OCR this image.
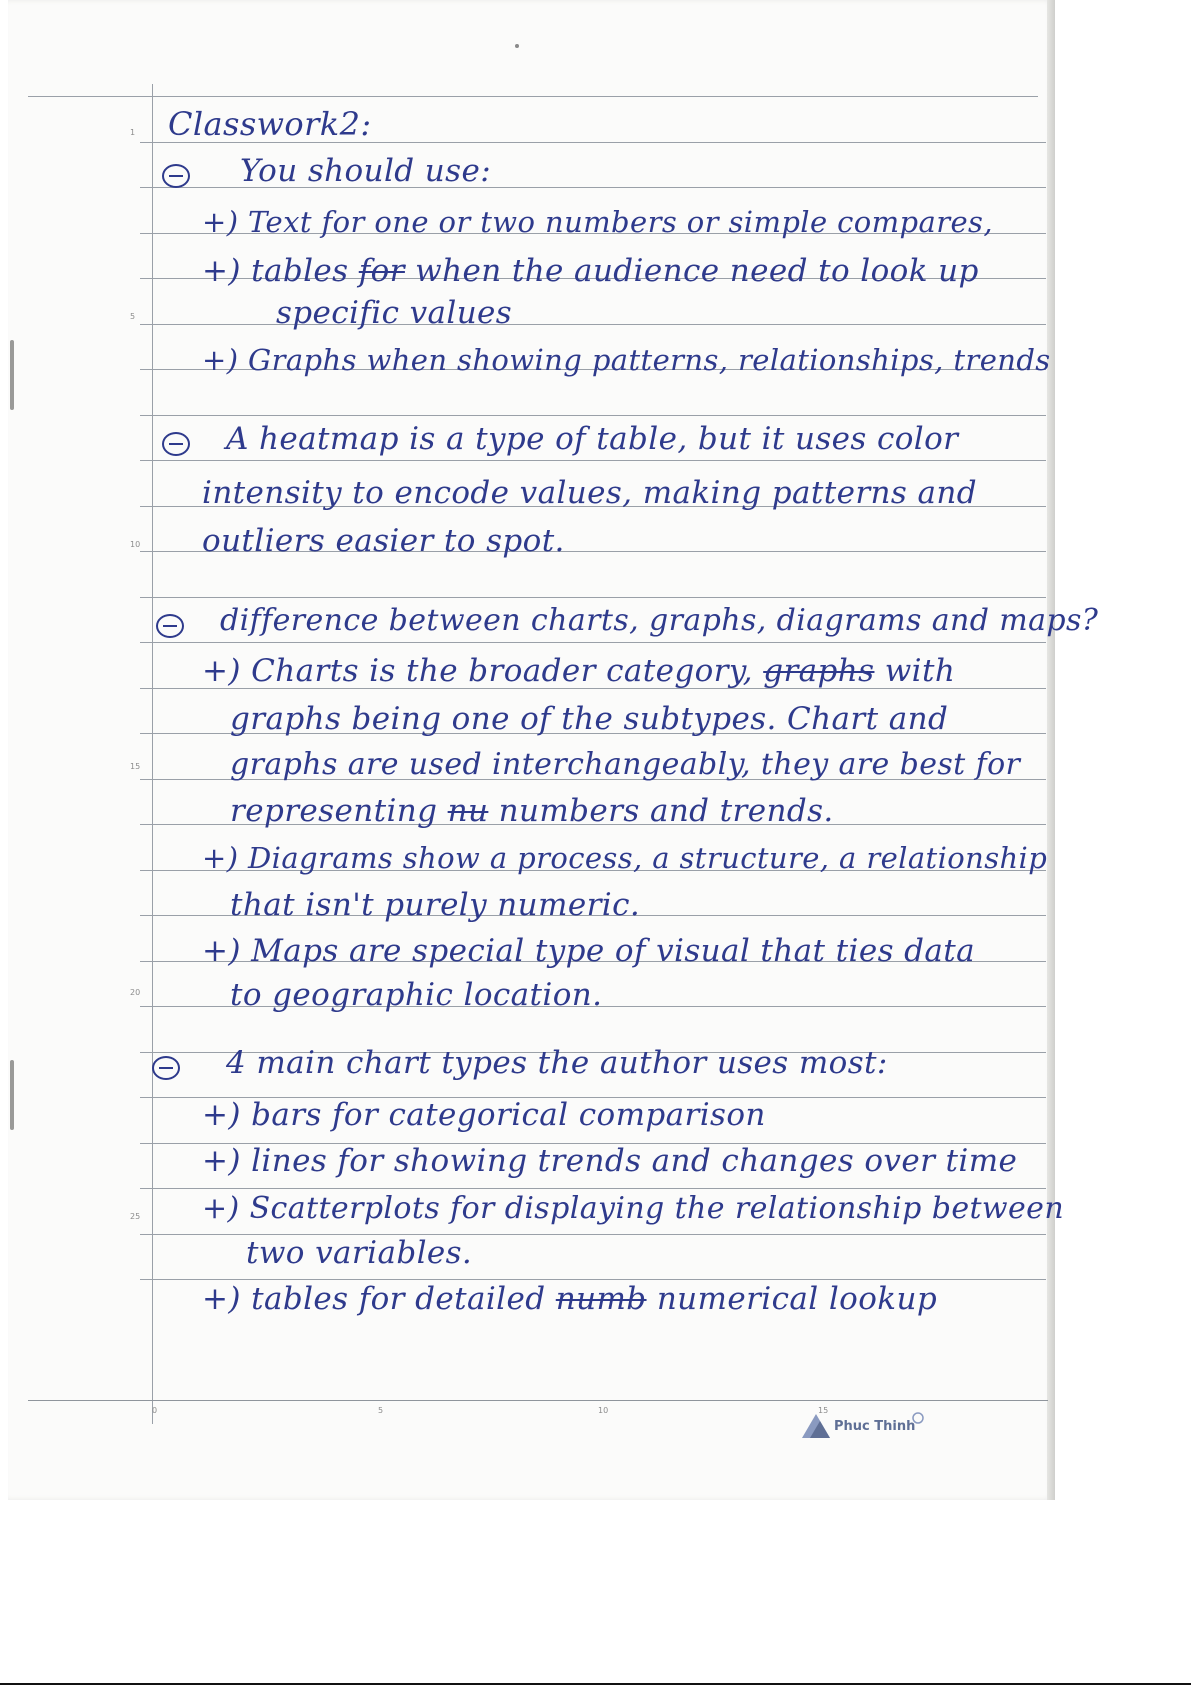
1
5
10
15
20
25
0	5	10	15
Classwork2:
You should use:
+) Text for one or two numbers or simple compares,
+) tables for when the audience need to look up
specific values
+) Graphs when showing patterns, relationships, trends
A heatmap is a type of table, but it uses color
intensity to encode values, making patterns and
outliers easier to spot.
difference between charts, graphs, diagrams and maps?
+) Charts is the broader category, graphs with
graphs being one of the subtypes. Chart and
graphs are used interchangeably, they are best for
representing nu numbers and trends.
+) Diagrams show a process, a structure, a relationship
that isn't purely numeric.
+) Maps are special type of visual that ties data
to geographic location.
4 main chart types the author uses most:
+) bars for categorical comparison
+) lines for showing trends and changes over time
+) Scatterplots for displaying the relationship between
two variables.
+) tables for detailed numb numerical lookup
Phuc Thinh
